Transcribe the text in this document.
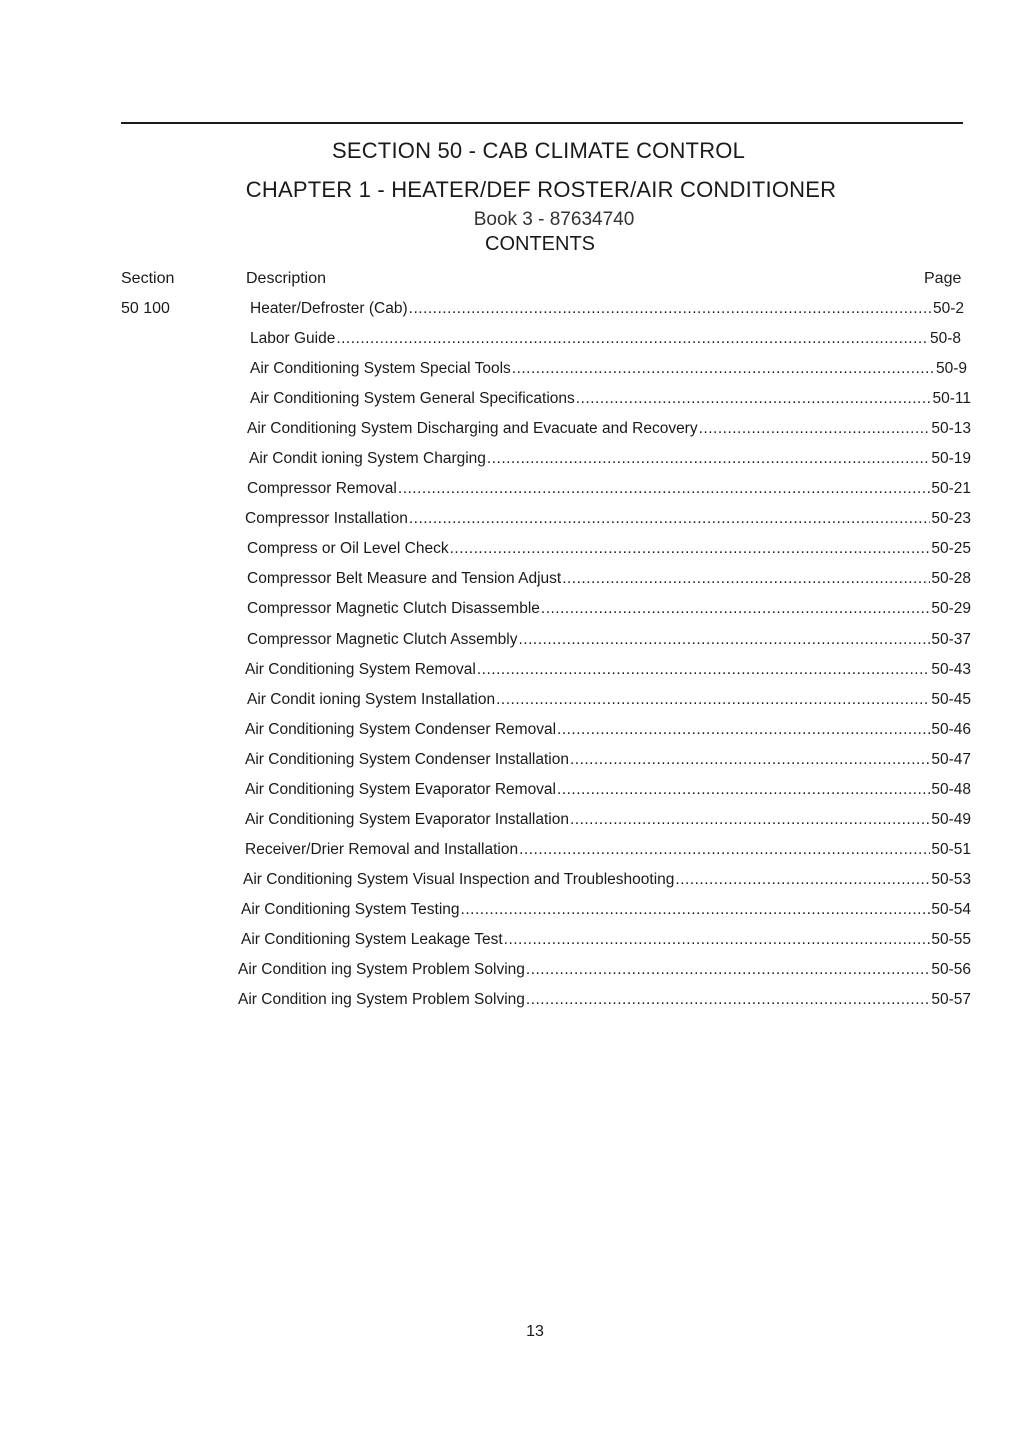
SECTION 50 - CAB CLIMATE CONTROL
CHAPTER 1 - HEATER/DEF ROSTER/AIR CONDITIONER
Book 3 - 87634740
CONTENTS
Section	Description	Page
50 100	Heater/Defroster (Cab) .....	50-2
Labor Guide .....	50-8
Air Conditioning System Special Tools .....	50-9
Air Conditioning System General Specifications .....	50-11
Air Conditioning System Discharging and Evacuate and Recovery .....	50-13
Air Condit ioning System Charging .....	50-19
Compressor Removal .....	50-21
Compressor Installation .....	50-23
Compress or Oil Level Check .....	50-25
Compressor Belt Measure and Tension Adjust .....	50-28
Compressor Magnetic Clutch Disassemble .....	50-29
Compressor Magnetic Clutch Assembly .....	50-37
Air Conditioning System Removal .....	50-43
Air Condit ioning System Installation .....	50-45
Air Conditioning System Condenser Removal .....	50-46
Air Conditioning System Condenser Installation .....	50-47
Air Conditioning System Evaporator Removal .....	50-48
Air Conditioning System Evaporator Installation .....	50-49
Receiver/Drier Removal and Installation .....	50-51
Air Conditioning System Visual Inspection and Troubleshooting .....	50-53
Air Conditioning System Testing .....	50-54
Air Conditioning System Leakage Test .....	50-55
Air Condition ing System Problem Solving .....	50-56
Air Condition ing System Problem Solving .....	50-57
13
